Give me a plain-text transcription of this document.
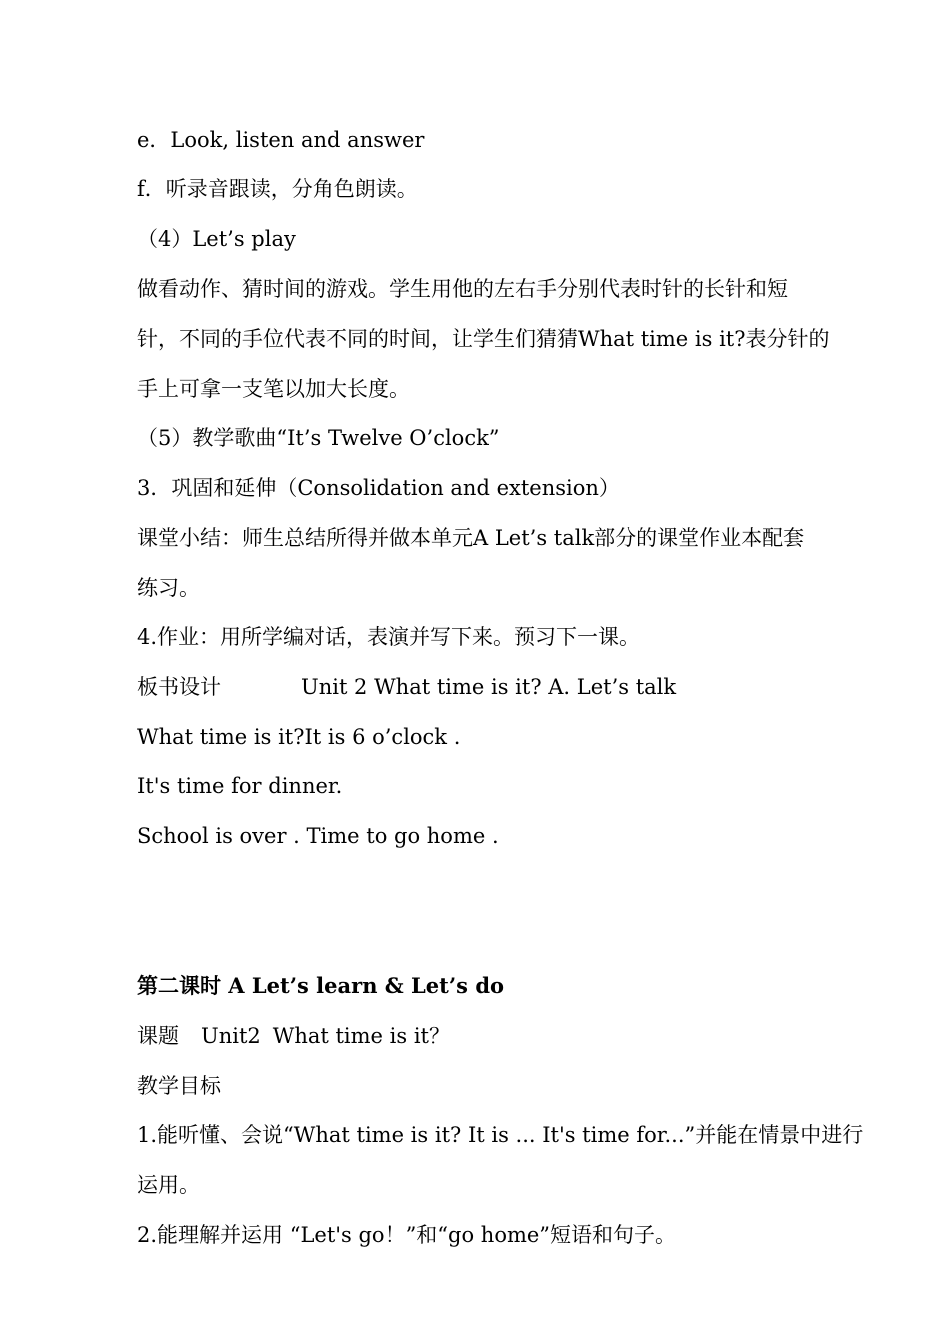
e．Look, listen and answer
f．听录音跟读，分角色朗读。
（4）Let’s play
做看动作、猜时间的游戏。学生用他的左右手分别代表时针的长针和短
针，不同的手位代表不同的时间，让学生们猜猜What time is it?表分针的
手上可拿一支笔以加大长度。
（5）教学歌曲“It’s Twelve O’clock”
3．巩固和延伸（Consolidation and extension）
课堂小结：师生总结所得并做本单元A Let’s talk部分的课堂作业本配套
练习。
4.作业：用所学编对话，表演并写下来。预习下一课。
板书设计	Unit 2 What time is it? A. Let’s talk
What time is it?It is 6 o’clock .
It's time for dinner.
School is over . Time to go home .
第二课时 A Let’s learn & Let’s do
课题 Unit2 What time is it？
教学目标
1.能听懂、会说“What time is it? It is ... It's time for...”并能在情景中进行
运用。
2.能理解并运用 “Let's go！”和“go home”短语和句子。
